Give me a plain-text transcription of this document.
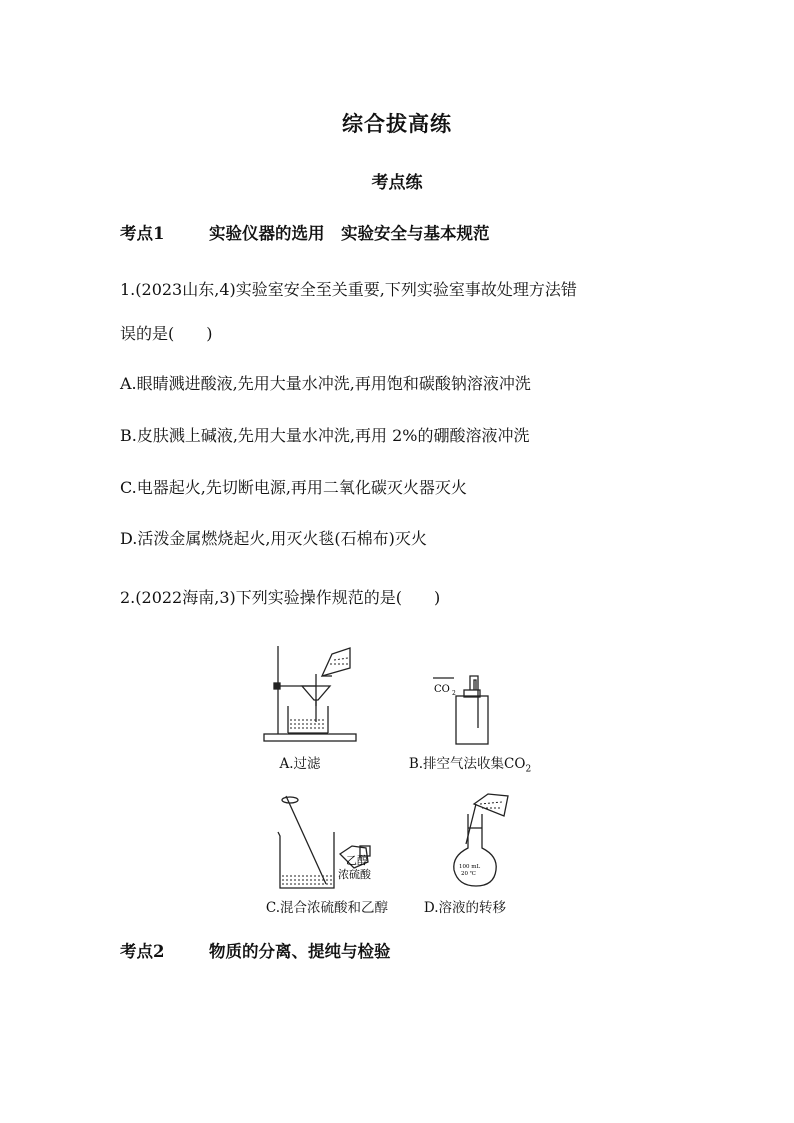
综合拔高练
考点练
考点1	实验仪器的选用　实验安全与基本规范
1.(2023山东,4)实验室安全至关重要,下列实验室事故处理方法错
误的是(　　)
A.眼睛溅进酸液,先用大量水冲洗,再用饱和碳酸钠溶液冲洗
B.皮肤溅上碱液,先用大量水冲洗,再用 2%的硼酸溶液冲洗
C.电器起火,先切断电源,再用二氧化碳灭火器灭火
D.活泼金属燃烧起火,用灭火毯(石棉布)灭火
2.(2022海南,3)下列实验操作规范的是(　　)
A.过滤
CO 2
B.排空气法收集$CO_2$
乙醇
浓硫酸
C.混合浓硫酸和乙醇
100 mL
20 ℃
D.溶液的转移
考点2	物质的分离、提纯与检验
